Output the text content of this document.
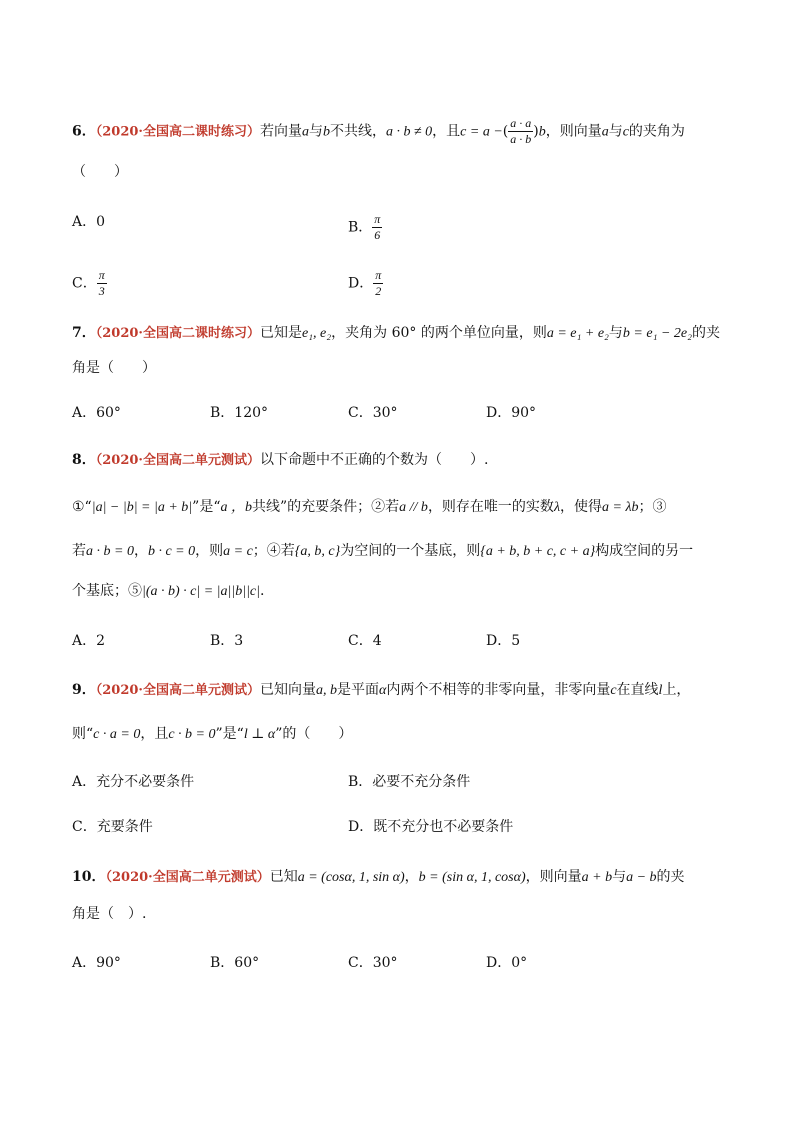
6．（2020·全国高二课时练习）若向量a与b不共线，a · b ≠ 0，且c = a −( $\frac{a \cdot a}{a \cdot b} )b$，则向量a与c的夹角为
（　　）
A．0	B． $\frac{\pi}{6}$
C． $\frac{\pi}{3}$	D． $\frac{\pi}{2}$
7．（2020·全国高二课时练习）已知是e₁, e₂，夹角为 60° 的两个单位向量，则a = e₁ + e₂与b = e₁ − 2e₂的夹
角是（　　）
A．60°	B．120°	C．30°	D．90°
8．（2020·全国高二单元测试）以下命题中不正确的个数为（　　）.
①“|a| − |b| = |a + b|”是“a ，b共线”的充要条件；②若a // b，则存在唯一的实数λ，使得a = λb；③
若a · b = 0，b · c = 0，则a = c；④若{a, b, c}为空间的一个基底，则{a + b, b + c, c + a}构成空间的另一
个基底；⑤|(a · b) · c| = |a||b||c|.
A．2	B．3	C．4	D．5
9．（2020·全国高二单元测试）已知向量a, b是平面α内两个不相等的非零向量，非零向量c在直线l上，
则“c · a = 0，且c · b = 0”是“l ⊥ α”的（　　）
A．充分不必要条件	B．必要不充分条件
C．充要条件	D．既不充分也不必要条件
10．（2020·全国高二单元测试）已知a = (cosα, 1, sin α)，b = (sin α, 1, cosα)，则向量a + b与a − b的夹
角是（　）.
A．90°	B．60°	C．30°	D．0°
